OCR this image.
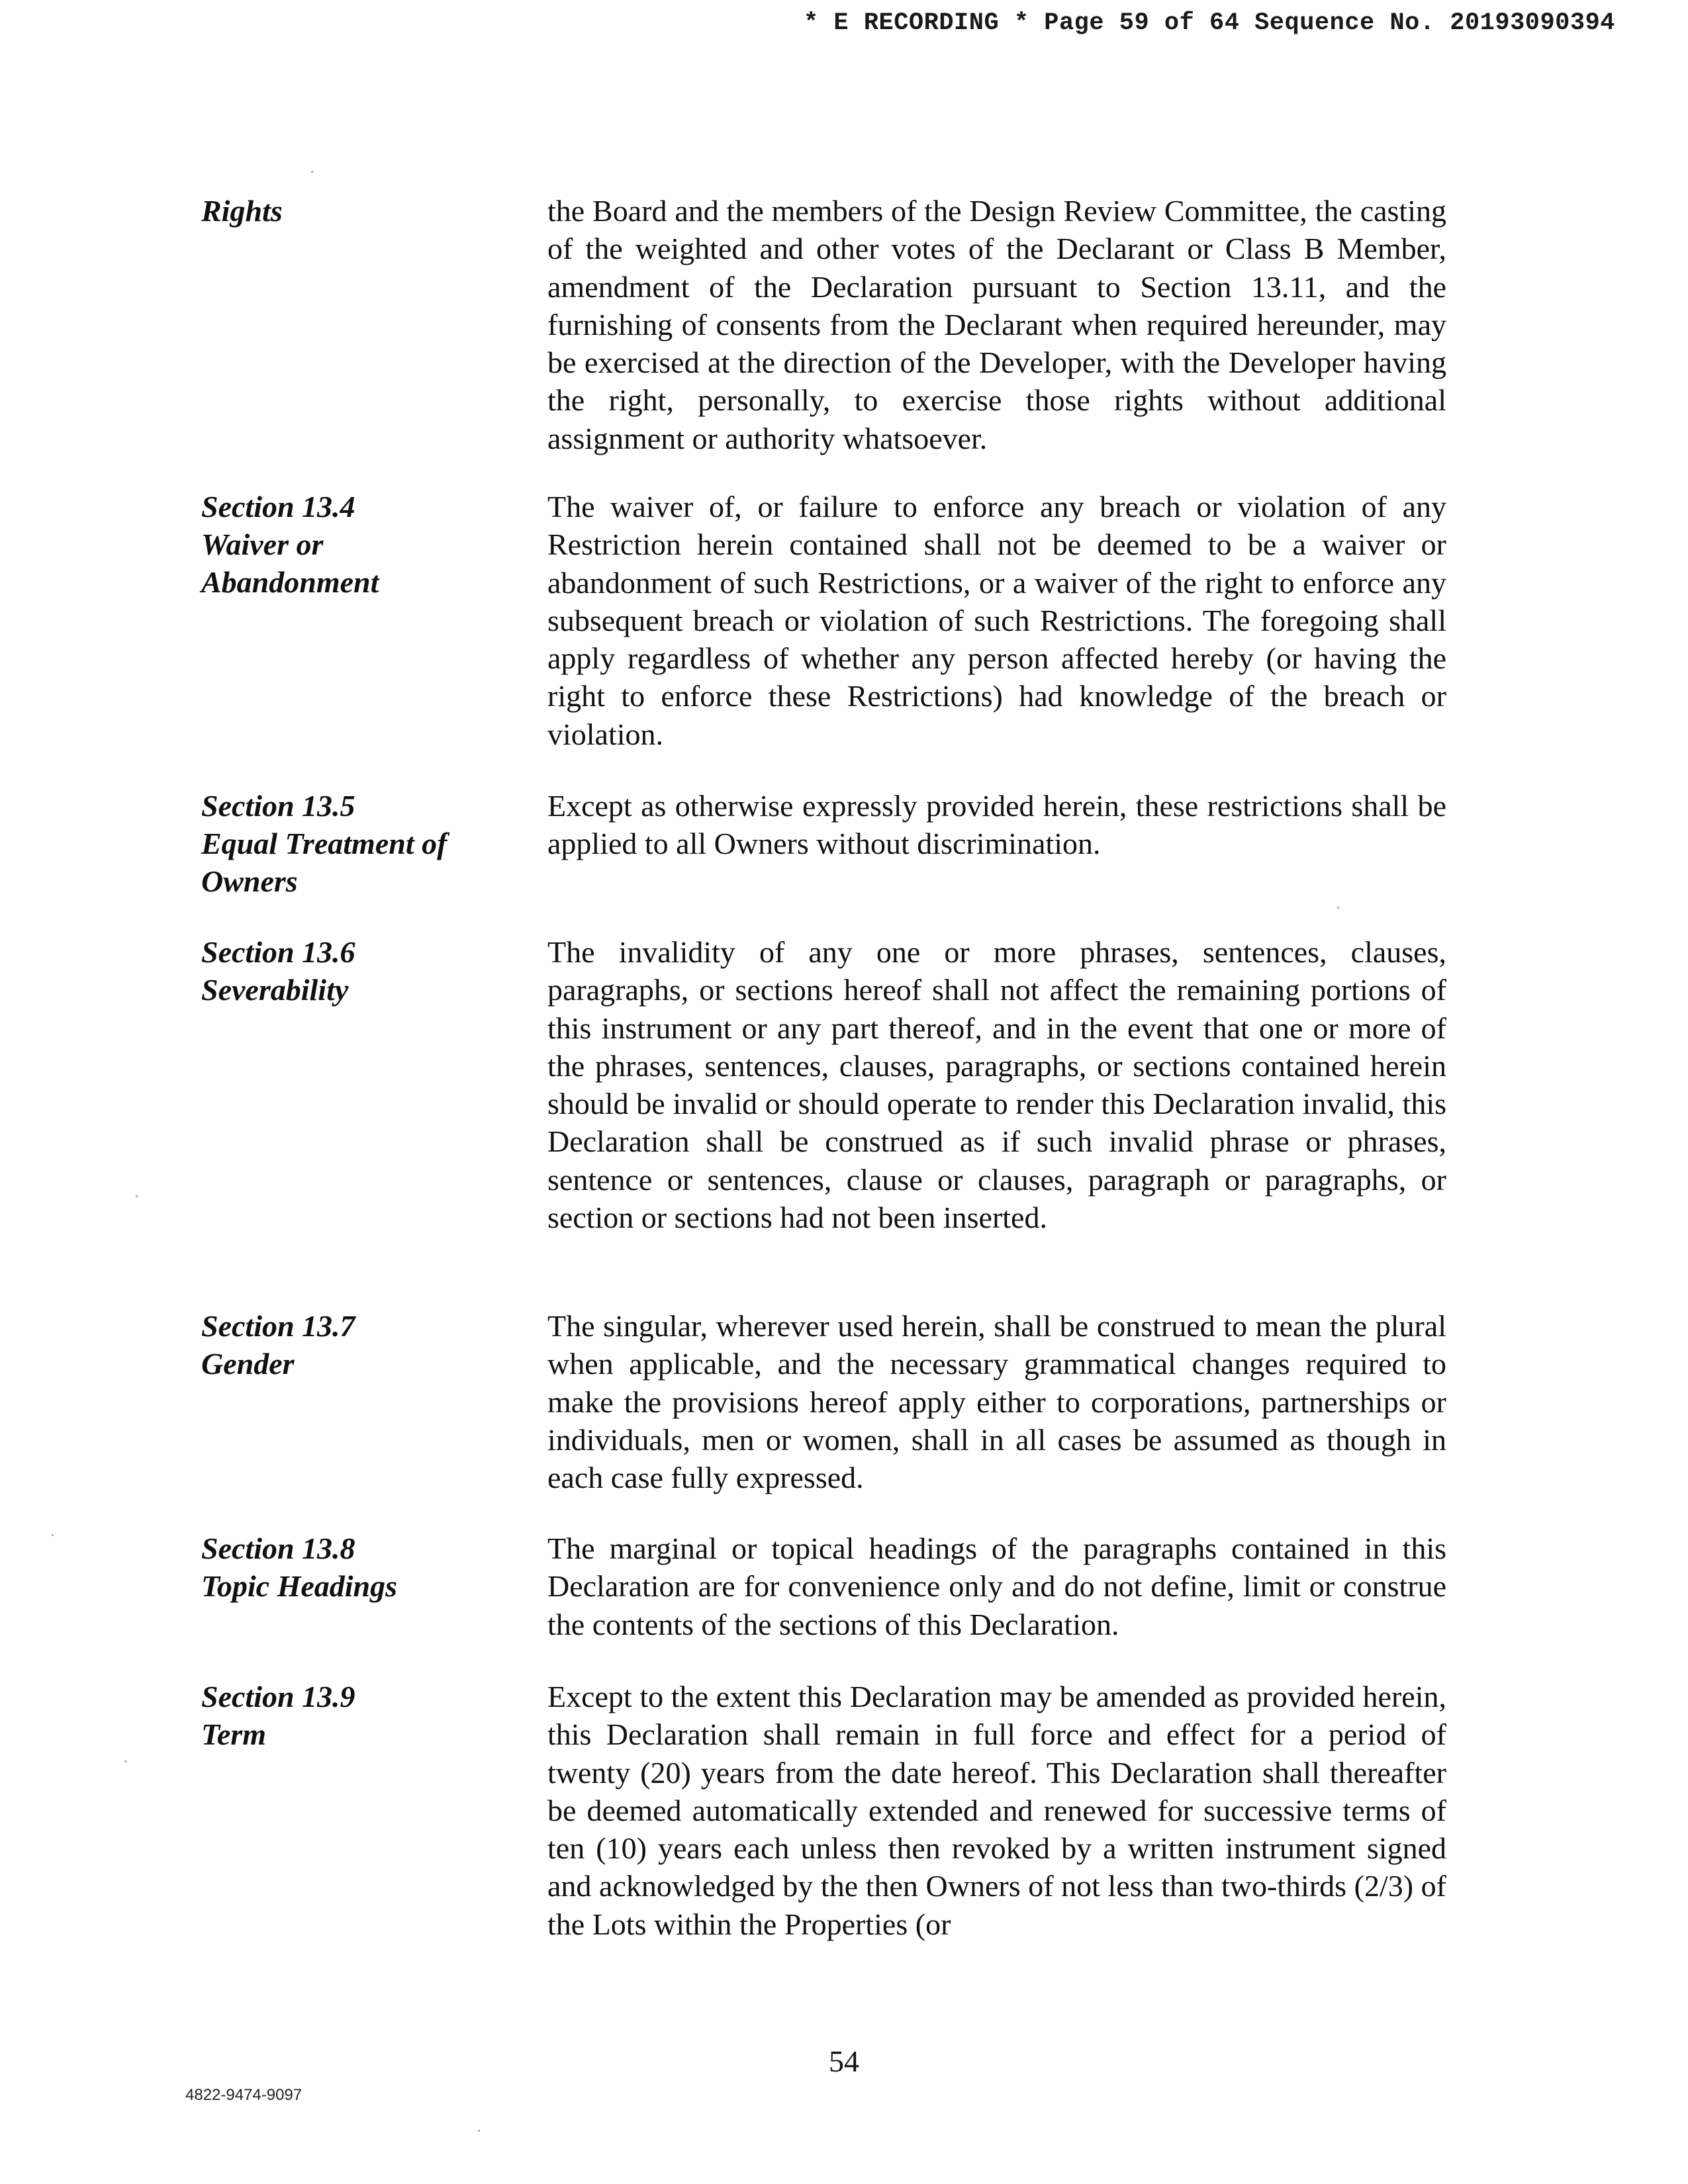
* E RECORDING * Page 59 of 64 Sequence No. 20193090394
Rights	the Board and the members of the Design Review Committee, the casting of the weighted and other votes of the Declarant or Class B Member, amendment of the Declaration pursuant to Section 13.11, and the furnishing of consents from the Declarant when required hereunder, may be exercised at the direction of the Developer, with the Developer having the right, personally, to exercise those rights without additional assignment or authority whatsoever.
Section 13.4
Waiver or
Abandonment
The waiver of, or failure to enforce any breach or violation of any Restriction herein contained shall not be deemed to be a waiver or abandonment of such Restrictions, or a waiver of the right to enforce any subsequent breach or violation of such Restrictions. The foregoing shall apply regardless of whether any person affected hereby (or having the right to enforce these Restrictions) had knowledge of the breach or violation.
Section 13.5
Equal Treatment of
Owners
Except as otherwise expressly provided herein, these restrictions shall be applied to all Owners without discrimination.
Section 13.6
Severability
The invalidity of any one or more phrases, sentences, clauses, paragraphs, or sections hereof shall not affect the remaining portions of this instrument or any part thereof, and in the event that one or more of the phrases, sentences, clauses, paragraphs, or sections contained herein should be invalid or should operate to render this Declaration invalid, this Declaration shall be construed as if such invalid phrase or phrases, sentence or sentences, clause or clauses, paragraph or paragraphs, or section or sections had not been inserted.
Section 13.7
Gender
The singular, wherever used herein, shall be construed to mean the plural when applicable, and the necessary grammatical changes required to make the provisions hereof apply either to corporations, partnerships or individuals, men or women, shall in all cases be assumed as though in each case fully expressed.
Section 13.8
Topic Headings
The marginal or topical headings of the paragraphs contained in this Declaration are for convenience only and do not define, limit or construe the contents of the sections of this Declaration.
Section 13.9
Term
Except to the extent this Declaration may be amended as provided herein, this Declaration shall remain in full force and effect for a period of twenty (20) years from the date hereof. This Declaration shall thereafter be deemed automatically extended and renewed for successive terms of ten (10) years each unless then revoked by a written instrument signed and acknowledged by the then Owners of not less than two-thirds (2/3) of the Lots within the Properties (or
54
4822-9474-9097
